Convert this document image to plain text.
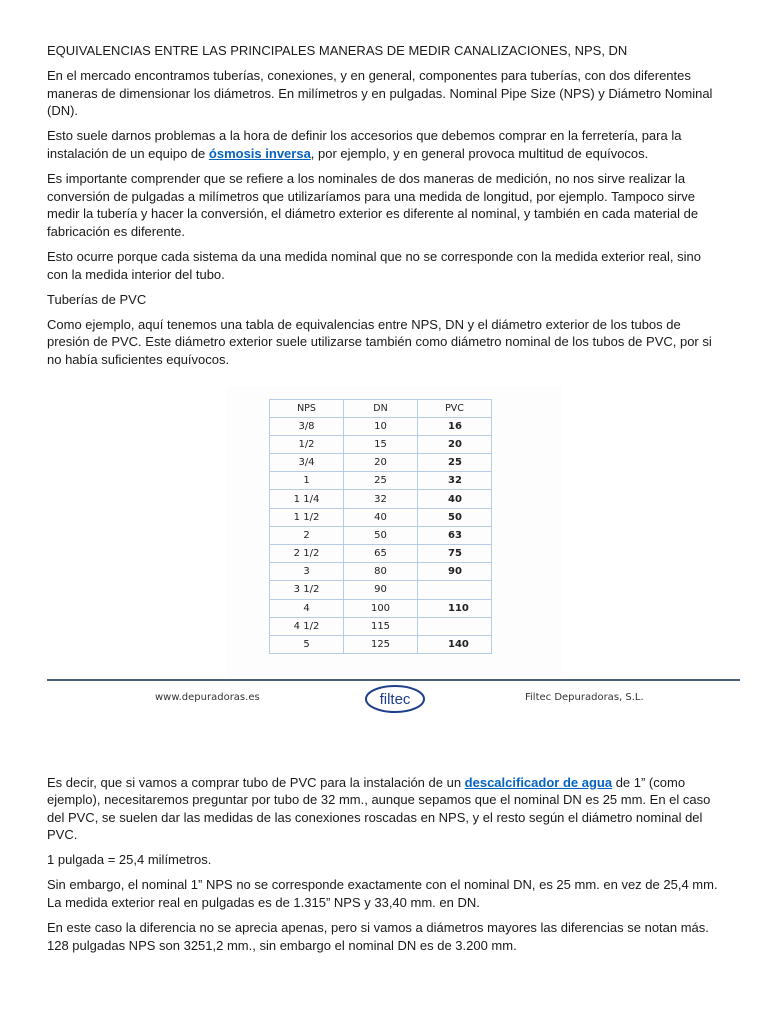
EQUIVALENCIAS ENTRE LAS PRINCIPALES MANERAS DE MEDIR CANALIZACIONES, NPS, DN

En el mercado encontramos tuberías, conexiones, y en general, componentes para tuberías, con dos diferentes maneras de dimensionar los diámetros. En milímetros y en pulgadas. Nominal Pipe Size (NPS) y Diámetro Nominal (DN).

Esto suele darnos problemas a la hora de definir los accesorios que debemos comprar en la ferretería, para la instalación de un equipo de ósmosis inversa, por ejemplo, y en general provoca multitud de equívocos.

Es importante comprender que se refiere a los nominales de dos maneras de medición, no nos sirve realizar la conversión de pulgadas a milímetros que utilizaríamos para una medida de longitud, por ejemplo. Tampoco sirve medir la tubería y hacer la conversión, el diámetro exterior es diferente al nominal, y también en cada material de fabricación es diferente.

Esto ocurre porque cada sistema da una medida nominal que no se corresponde con la medida exterior real, sino con la medida interior del tubo.

Tuberías de PVC

Como ejemplo, aquí tenemos una tabla de equivalencias entre NPS, DN y el diámetro exterior de los tubos de presión de PVC. Este diámetro exterior suele utilizarse también como diámetro nominal de los tubos de PVC, por si no había suficientes equívocos.

NPS	DN	PVC
3/8	10	16
1/2	15	20
3/4	20	25
1	25	32
1 1/4	32	40
1 1/2	40	50
2	50	63
2 1/2	65	75
3	80	90
3 1/2	90	
4	100	110
4 1/2	115	
5	125	140
www.depuradoras.es	filtec	Filtec Depuradoras, S.L.

Es decir, que si vamos a comprar tubo de PVC para la instalación de un descalcificador de agua de 1” (como ejemplo), necesitaremos preguntar por tubo de 32 mm., aunque sepamos que el nominal DN es 25 mm. En el caso del PVC, se suelen dar las medidas de las conexiones roscadas en NPS, y el resto según el diámetro nominal del PVC.

1 pulgada = 25,4 milímetros.

Sin embargo, el nominal 1” NPS no se corresponde exactamente con el nominal DN, es 25 mm. en vez de 25,4 mm. La medida exterior real en pulgadas es de 1.315” NPS y 33,40 mm. en DN.

En este caso la diferencia no se aprecia apenas, pero si vamos a diámetros mayores las diferencias se notan más. 128 pulgadas NPS son 3251,2 mm., sin embargo el nominal DN es de 3.200 mm.
